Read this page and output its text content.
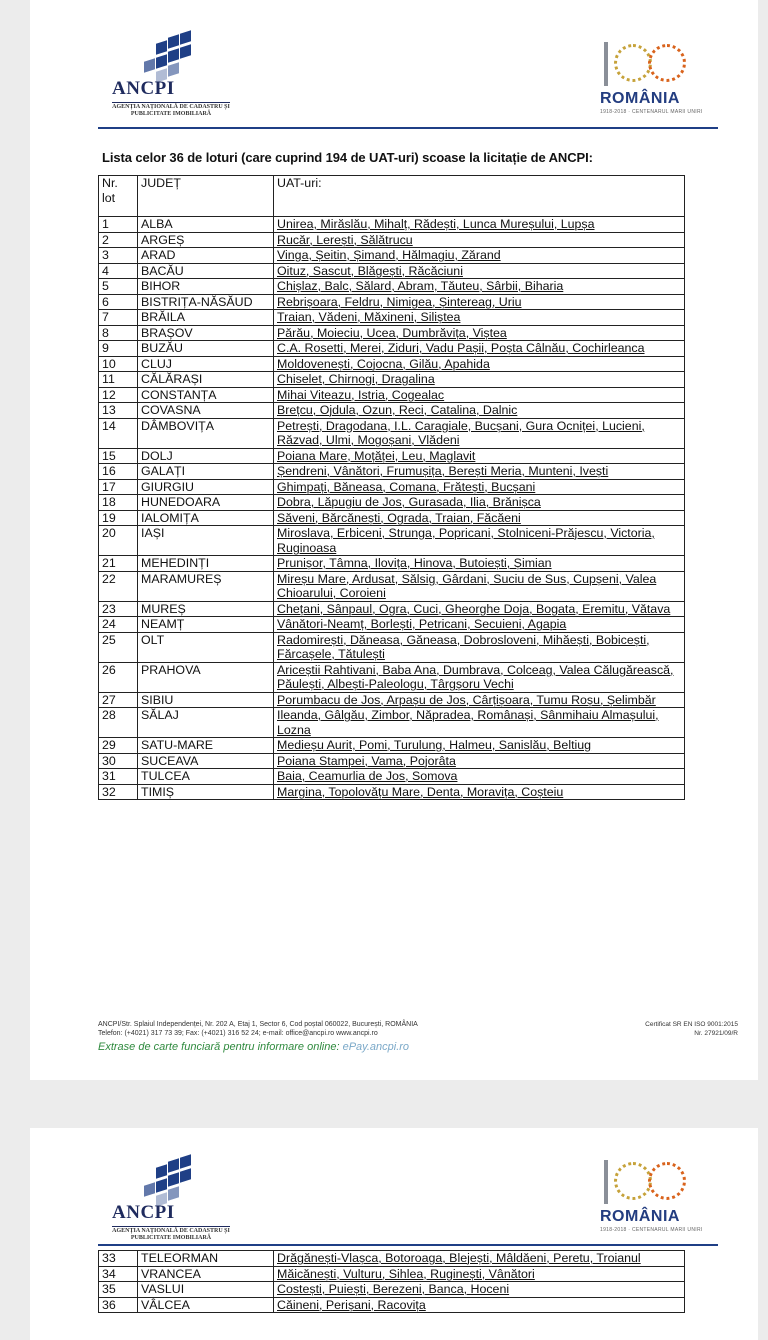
ANCPI
AGENȚIA NAȚIONALĂ DE CADASTRU ȘI PUBLICITATE IMOBILIARĂ
ROMÂNIA
1918-2018 · CENTENARUL MARII UNIRI
Lista celor 36 de loturi (care cuprind 194 de UAT-uri) scoase la licitație de ANCPI:
Nr. lot	JUDEȚ	UAT-uri:
1	ALBA	Unirea, Mirăslău, Mihalț, Rădești, Lunca Mureșului, Lupșa
2	ARGEȘ	Rucăr, Lerești, Sălătrucu
3	ARAD	Vinga, Șeitin, Șimand, Hălmagiu, Zărand
4	BACĂU	Oituz, Sascut, Blăgești, Răcăciuni
5	BIHOR	Chișlaz, Balc, Sălard, Abram, Tăuteu, Sârbii, Biharia
6	BISTRIȚA-NĂSĂUD	Rebrișoara, Feldru, Nimigea, Șintereag, Uriu
7	BRĂILA	Traian, Vădeni, Măxineni, Siliștea
8	BRAȘOV	Părău, Moieciu, Ucea, Dumbrăvița, Viștea
9	BUZĂU	C.A. Rosetti, Merei, Ziduri, Vadu Pașii, Poșta Câlnău, Cochirleanca
10	CLUJ	Moldovenești, Cojocna, Gilău, Apahida
11	CĂLĂRAȘI	Chiselet, Chirnogi, Dragalina
12	CONSTANȚA	Mihai Viteazu, Istria, Cogealac
13	COVASNA	Brețcu, Ojdula, Ozun, Reci, Catalina, Dalnic
14	DÂMBOVIȚA	Petrești, Dragodana, I.L. Caragiale, Bucșani, Gura Ocniței, Lucieni, Răzvad, Ulmi, Mogoșani, Vlădeni
15	DOLJ	Poiana Mare, Moțăței, Leu, Maglavit
16	GALAȚI	Șendreni, Vânători, Frumușița, Berești Meria, Munteni, Ivești
17	GIURGIU	Ghimpați, Băneasa, Comana, Frătești, Bucșani
18	HUNEDOARA	Dobra, Lăpugiu de Jos, Gurasada, Ilia, Brănișca
19	IALOMIȚA	Săveni, Bărcănești, Ograda, Traian, Făcăeni
20	IAȘI	Miroslava, Erbiceni, Strunga, Popricani, Stolniceni-Prăjescu, Victoria, Ruginoasa
21	MEHEDINȚI	Prunișor, Tâmna, Ilovița, Hinova, Butoiești, Șimian
22	MARAMUREȘ	Mireșu Mare, Ardusat, Sălsig, Gârdani, Suciu de Sus, Cupșeni, Valea Chioarului, Coroieni
23	MUREȘ	Chețani, Sânpaul, Ogra, Cuci, Gheorghe Doja, Bogata, Eremitu, Vătava
24	NEAMȚ	Vânători-Neamț, Borlești, Petricani, Secuieni, Agapia
25	OLT	Radomirești, Dăneasa, Găneasa, Dobrosloveni, Mihăești, Bobicești, Fărcașele, Tătulești
26	PRAHOVA	Ariceștii Rahtivani, Baba Ana, Dumbrava, Colceag, Valea Călugărească, Păulești, Albești-Paleologu, Târgșoru Vechi
27	SIBIU	Porumbacu de Jos, Arpașu de Jos, Cârțișoara, Tumu Roșu, Șelimbăr
28	SĂLAJ	Ileanda, Gâlgău, Zimbor, Năpradea, Românași, Sânmihaiu Almașului, Lozna
29	SATU-MARE	Medieșu Aurit, Pomi, Turulung, Halmeu, Sanislău, Beltiug
30	SUCEAVA	Poiana Stampei, Vama, Pojorâta
31	TULCEA	Baia, Ceamurlia de Jos, Somova
32	TIMIȘ	Margina, Topolovățu Mare, Denta, Moravița, Coșteiu
ANCPI/Str. Splaiul Independenței, Nr. 202 A, Etaj 1, Sector 6, Cod poștal 060022, București, ROMÂNIA
Telefon: (+4021) 317 73 39; Fax: (+4021) 316 52 24; e-mail: office@ancpi.ro www.ancpi.ro
Certificat SR EN ISO 9001:2015
Nr. 27921/09/R
Extrase de carte funciară pentru informare online: ePay.ancpi.ro
ANCPI
AGENȚIA NAȚIONALĂ DE CADASTRU ȘI PUBLICITATE IMOBILIARĂ
ROMÂNIA
1918-2018 · CENTENARUL MARII UNIRI
33	TELEORMAN	Drăgănești-Vlașca, Botoroaga, Blejești, Mâldăeni, Peretu, Troianul
34	VRANCEA	Măicănești, Vulturu, Sihlea, Ruginești, Vânători
35	VASLUI	Costești, Puiești, Berezeni, Banca, Hoceni
36	VÂLCEA	Căineni, Perișani, Racovița
